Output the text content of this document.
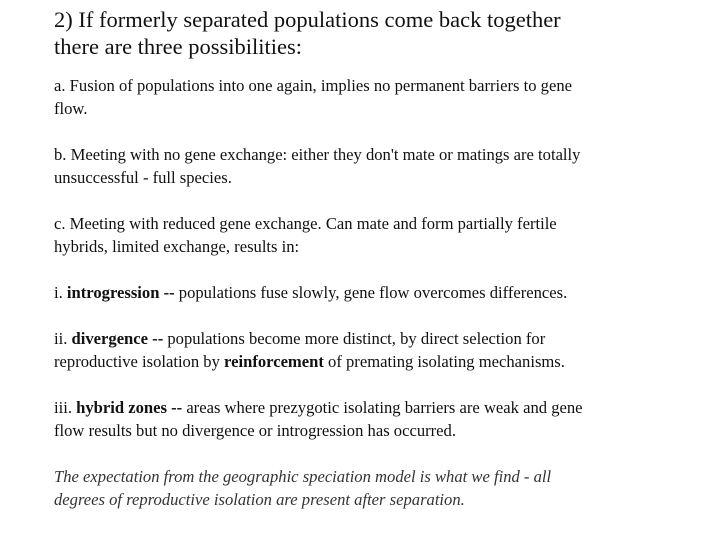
2) If formerly separated populations come back together
there are three possibilities:
a. Fusion of populations into one again, implies no permanent barriers to gene
flow.
b. Meeting with no gene exchange: either they don't mate or matings are totally
unsuccessful - full species.
c. Meeting with reduced gene exchange. Can mate and form partially fertile
hybrids, limited exchange, results in:
i. introgression -- populations fuse slowly, gene flow overcomes differences.
ii. divergence -- populations become more distinct, by direct selection for
reproductive isolation by reinforcement of premating isolating mechanisms.
iii. hybrid zones -- areas where prezygotic isolating barriers are weak and gene
flow results but no divergence or introgression has occurred.
The expectation from the geographic speciation model is what we find - all
degrees of reproductive isolation are present after separation.
